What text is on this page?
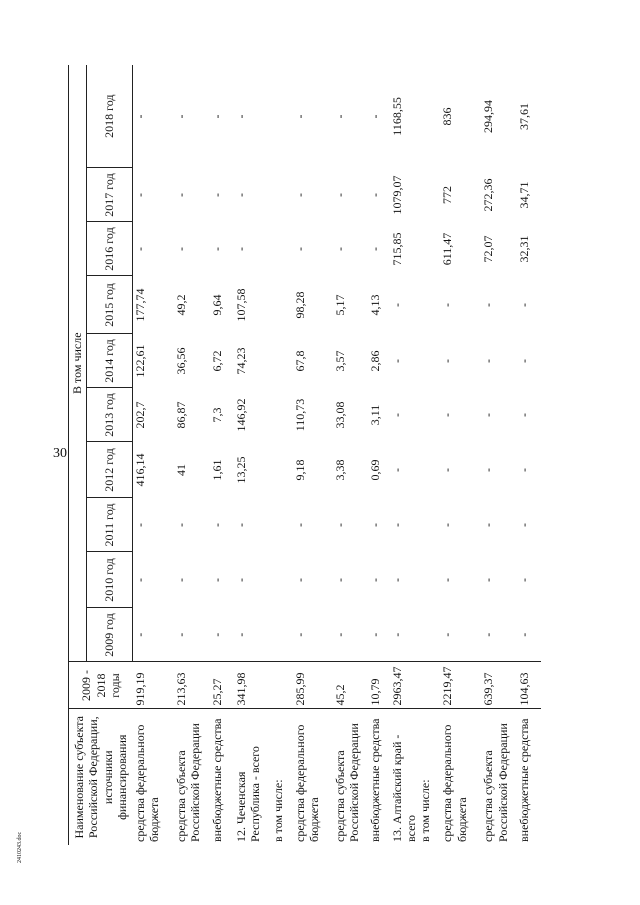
30
2410243.doc
Наименование субъекта Российской Федерации, источники финансирования	2009 - 2018 годы	В том числе									
		2009 год	2010 год	2011 год	2012 год	2013 год	2014 год	2015 год	2016 год	2017 год	2018 год
средства федерального бюджета	919,19	-	-	-	416,14	202,7	122,61	177,74	-	-	-
средства субъекта Российской Федерации	213,63	-	-	-	41	86,87	36,56	49,2	-	-	-
внебюджетные средства	25,27	-	-	-	1,61	7,3	6,72	9,64	-	-	-
12. Чеченская Республика - всего	341,98	-	-	-	13,25	146,92	74,23	107,58	-	-	-
в том числе:											
средства федерального бюджета	285,99	-	-	-	9,18	110,73	67,8	98,28	-	-	-
средства субъекта Российской Федерации	45,2	-	-	-	3,38	33,08	3,57	5,17	-	-	-
внебюджетные средства	10,79	-	-	-	0,69	3,11	2,86	4,13	-	-	-
13. Алтайский край - всего	2963,47	-	-	-	-	-	-	-	715,85	1079,07	1168,55
в том числе:											
средства федерального бюджета	2219,47	-	-	-	-	-	-	-	611,47	772	836
средства субъекта Российской Федерации	639,37	-	-	-	-	-	-	-	72,07	272,36	294,94
внебюджетные средства	104,63	-	-	-	-	-	-	-	32,31	34,71	37,61
